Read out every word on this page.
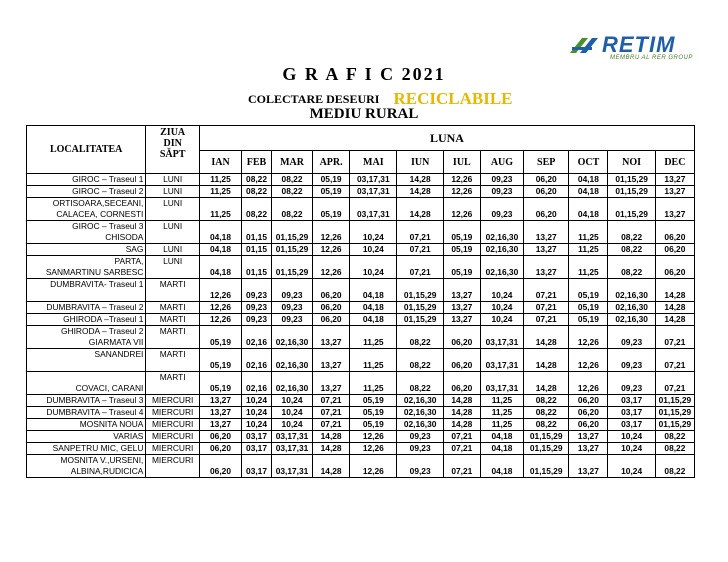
RETIM
MEMBRU AL RER GROUP
G R A F I C 2021
COLECTARE DESEURI RECICLABILE
MEDIU RURAL
LOCALITATEA	ZIUA
DIN
SĂPT	LUNA											
		IAN	FEB	MAR	APR.	MAI	IUN	IUL	AUG	SEP	OCT	NOI	DEC

GIROC – Traseul 1	LUNI	11,25	08,22	08,22	05,19	03,17,31	14,28	12,26	09,23	06,20	04,18	01,15,29	13,27

GIROC – Traseul 2	LUNI	11,25	08,22	08,22	05,19	03,17,31	14,28	12,26	09,23	06,20	04,18	01,15,29	13,27

ORTISOARA,SECEANI,
CALACEA, CORNESTI	LUNI	11,25	08,22	08,22	05,19	03,17,31	14,28	12,26	09,23	06,20	04,18	01,15,29	13,27

GIROC – Traseul 3
CHISODA	LUNI	04,18	01,15	01,15,29	12,26	10,24	07,21	05,19	02,16,30	13,27	11,25	08,22	06,20

SAG	LUNI	04,18	01,15	01,15,29	12,26	10,24	07,21	05,19	02,16,30	13,27	11,25	08,22	06,20

PARTA,
SANMARTINU SARBESC	LUNI	04,18	01,15	01,15,29	12,26	10,24	07,21	05,19	02,16,30	13,27	11,25	08,22	06,20

DUMBRAVITA- Traseul 1	MARTI	12,26	09,23	09,23	06,20	04,18	01,15,29	13,27	10,24	07,21	05,19	02,16,30	14,28

DUMBRAVITA – Traseul 2	MARTI	12,26	09,23	09,23	06,20	04,18	01,15,29	13,27	10,24	07,21	05,19	02,16,30	14,28

GHIRODA –Traseul 1	MARTI	12,26	09,23	09,23	06,20	04,18	01,15,29	13,27	10,24	07,21	05,19	02,16,30	14,28

GHIRODA – Traseul 2
GIARMATA VII	MARTI	05,19	02,16	02,16,30	13,27	11,25	08,22	06,20	03,17,31	14,28	12,26	09,23	07,21

SANANDREI	MARTI	05,19	02,16	02,16,30	13,27	11,25	08,22	06,20	03,17,31	14,28	12,26	09,23	07,21

COVACI, CARANI	MARTI	05,19	02,16	02,16,30	13,27	11,25	08,22	06,20	03,17,31	14,28	12,26	09,23	07,21

DUMBRAVITA – Traseul 3	MIERCURI	13,27	10,24	10,24	07,21	05,19	02,16,30	14,28	11,25	08,22	06,20	03,17	01,15,29

DUMBRAVITA – Traseul 4	MIERCURI	13,27	10,24	10,24	07,21	05,19	02,16,30	14,28	11,25	08,22	06,20	03,17	01,15,29

MOSNITA NOUA	MIERCURI	13,27	10,24	10,24	07,21	05,19	02,16,30	14,28	11,25	08,22	06,20	03,17	01,15,29

VARIAS	MIERCURI	06,20	03,17	03,17,31	14,28	12,26	09,23	07,21	04,18	01,15,29	13,27	10,24	08,22

SANPETRU MIC, GELU	MIERCURI	06,20	03,17	03,17,31	14,28	12,26	09,23	07,21	04,18	01,15,29	13,27	10,24	08,22

MOSNITA V.,URSENI,
ALBINA,RUDICICA	MIERCURI	06,20	03,17	03,17,31	14,28	12,26	09,23	07,21	04,18	01,15,29	13,27	10,24	08,22
